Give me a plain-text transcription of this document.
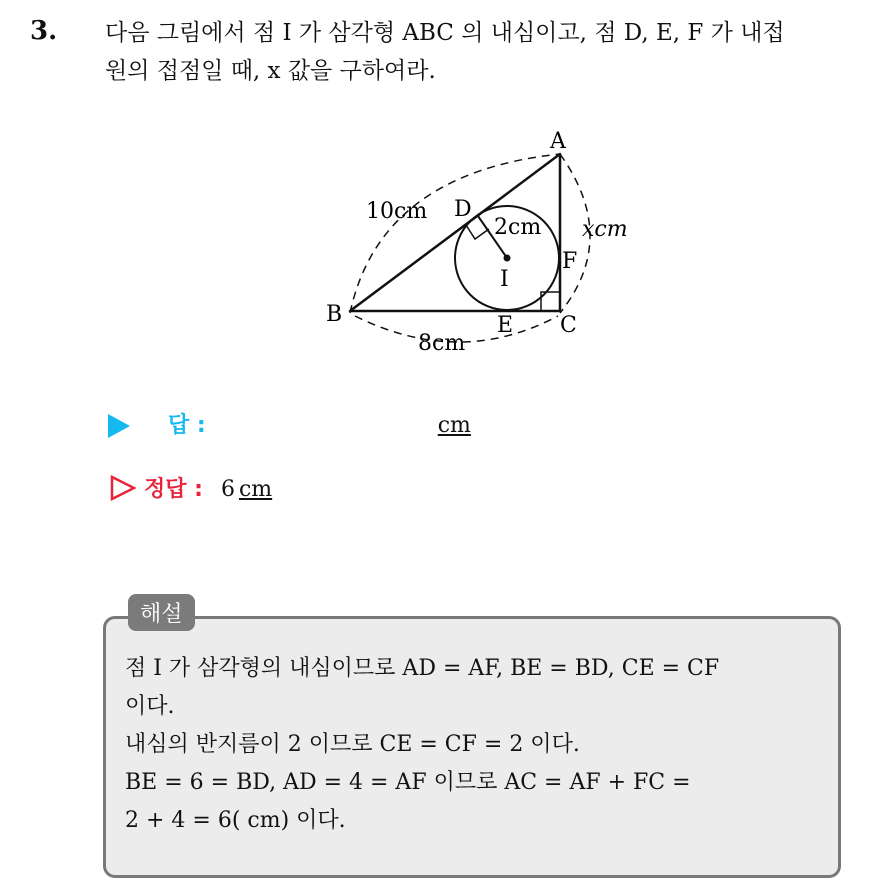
3. 다음 그림에서 점 I 가 삼각형 ABC 의 내심이고, 점 D, E, F 가 내접
원의 접점일 때, x 값을 구하여라.
A
B	C
D
E
F
I
10cm
8cm
2cm xcm
답 :	cm
정답 : 6 cm
해설
점 I 가 삼각형의 내심이므로 AD = AF, BE = BD, CE = CF
이다.
내심의 반지름이 2 이므로 CE = CF = 2 이다.
BE = 6 = BD, AD = 4 = AF 이므로 AC = AF + FC =
2 + 4 = 6( cm) 이다.
